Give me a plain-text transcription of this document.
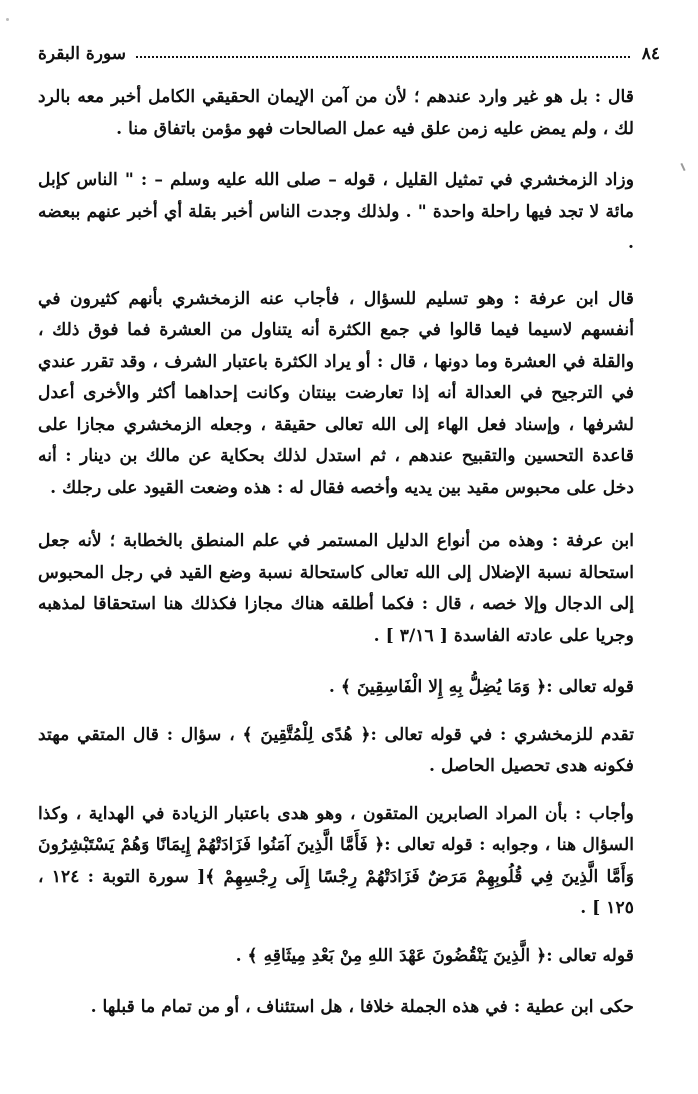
٨٤
سورة البقرة

قال : بل هو غير وارد عندهم ؛ لأن من آمن الإيمان الحقيقي الكامل أخبر معه بالرد لك ، ولم يمض عليه زمن علق فيه عمل الصالحات فهو مؤمن باتفاق منا .

وزاد الزمخشري في تمثيل القليل ، قوله – صلى الله عليه وسلم – : " الناس كإبل مائة لا تجد فيها راحلة واحدة " . ولذلك وجدت الناس أخبر بقلة أي أخبر عنهم ببعضه .

قال ابن عرفة : وهو تسليم للسؤال ، فأجاب عنه الزمخشري بأنهم كثيرون في أنفسهم لاسيما فيما قالوا في جمع الكثرة أنه يتناول من العشرة فما فوق ذلك ، والقلة في العشرة وما دونها ، قال : أو يراد الكثرة باعتبار الشرف ، وقد تقرر عندي في الترجيح في العدالة أنه إذا تعارضت بينتان وكانت إحداهما أكثر والأخرى أعدل لشرفها ، وإسناد فعل الهاء إلى الله تعالى حقيقة ، وجعله الزمخشري مجازا على قاعدة التحسين والتقبيح عندهم ، ثم استدل لذلك بحكاية عن مالك بن دينار : أنه دخل على محبوس مقيد بين يديه وأخصه فقال له : هذه وضعت القيود على رجلك .

ابن عرفة : وهذه من أنواع الدليل المستمر في علم المنطق بالخطابة ؛ لأنه جعل استحالة نسبة الإضلال إلى الله تعالى كاستحالة نسبة وضع القيد في رجل المحبوس إلى الدجال وإلا خصه ، قال : فكما أطلقه هناك مجازا فكذلك هنا استحقاقا لمذهبه وجريا على عادته الفاسدة [ ٣/١٦ ] .

قوله تعالى :﴿ وَمَا يُضِلُّ بِهِ إِلا الْفَاسِقِينَ ﴾ .

تقدم للزمخشري : في قوله تعالى :﴿ هُدًى لِلْمُتَّقِينَ ﴾ ، سؤال : قال المتقي مهتد فكونه هدى تحصيل الحاصل .

وأجاب : بأن المراد الصابرين المتقون ، وهو هدى باعتبار الزيادة في الهداية ، وكذا السؤال هنا ، وجوابه : قوله تعالى :﴿ فَأَمَّا الَّذِينَ آمَنُوا فَزَادَتْهُمْ إِيمَانًا وَهُمْ يَسْتَبْشِرُونَ وَأَمَّا الَّذِينَ فِي قُلُوبِهِمْ مَرَضٌ فَزَادَتْهُمْ رِجْسًا إِلَى رِجْسِهِمْ ﴾[ سورة التوبة : ١٢٤ ، ١٢٥ ] .

قوله تعالى :﴿ الَّذِينَ يَنْقُضُونَ عَهْدَ اللهِ مِنْ بَعْدِ مِيثَاقِهِ ﴾ .

حكى ابن عطية : في هذه الجملة خلافا ، هل استئناف ، أو من تمام ما قبلها .
